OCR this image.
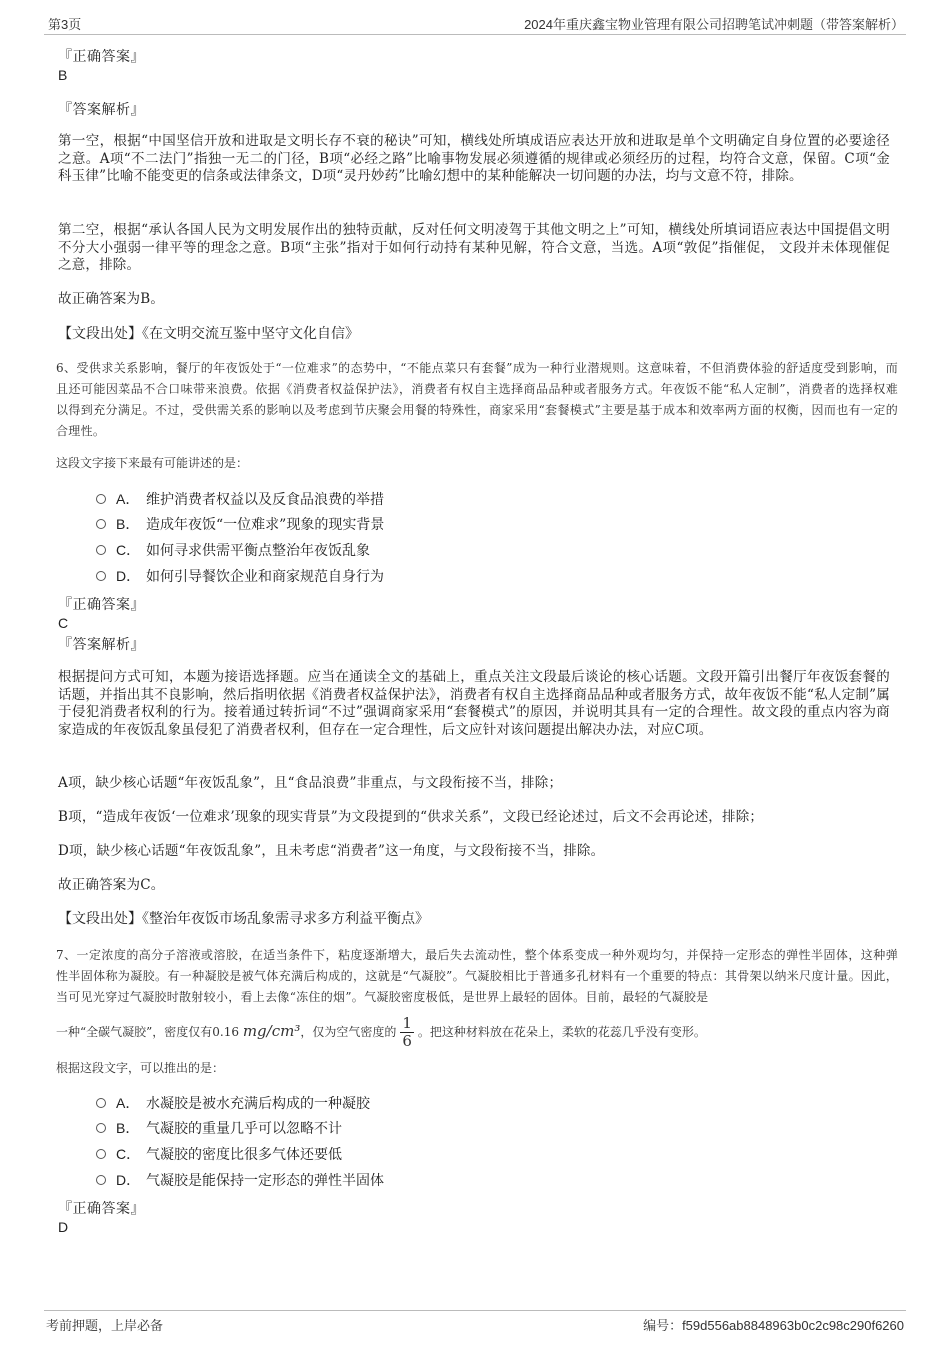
第3页	2024年重庆鑫宝物业管理有限公司招聘笔试冲刺题（带答案解析）
『正确答案』
B
『答案解析』
第一空，根据“中国坚信开放和进取是文明长存不衰的秘诀”可知，横线处所填成语应表达开放和进取是单个文明确定自身位置的必要途径之意。A项“不二法门”指独一无二的门径，B项“必经之路”比喻事物发展必须遵循的规律或必须经历的过程，均符合文意，保留。C项“金科玉律”比喻不能变更的信条或法律条文，D项“灵丹妙药”比喻幻想中的某种能解决一切问题的办法，均与文意不符，排除。
第二空，根据“承认各国人民为文明发展作出的独特贡献，反对任何文明凌驾于其他文明之上”可知，横线处所填词语应表达中国提倡文明不分大小强弱一律平等的理念之意。B项“主张”指对于如何行动持有某种见解，符合文意，当选。A项“敦促”指催促， 文段并未体现催促之意，排除。
故正确答案为B。
【文段出处】《在文明交流互鉴中坚守文化自信》
6、受供求关系影响，餐厅的年夜饭处于“一位难求”的态势中，“不能点菜只有套餐”成为一种行业潜规则。这意味着，不但消费体验的舒适度受到影响，而且还可能因菜品不合口味带来浪费。依据《消费者权益保护法》，消费者有权自主选择商品品种或者服务方式。年夜饭不能“私人定制”，消费者的选择权难以得到充分满足。不过，受供需关系的影响以及考虑到节庆聚会用餐的特殊性，商家采用“套餐模式”主要是基于成本和效率两方面的权衡，因而也有一定的合理性。
这段文字接下来最有可能讲述的是：
A． 维护消费者权益以及反食品浪费的举措
B． 造成年夜饭“一位难求”现象的现实背景
C． 如何寻求供需平衡点整治年夜饭乱象
D． 如何引导餐饮企业和商家规范自身行为
『正确答案』
C
『答案解析』
根据提问方式可知，本题为接语选择题。应当在通读全文的基础上，重点关注文段最后谈论的核心话题。文段开篇引出餐厅年夜饭套餐的话题，并指出其不良影响，然后指明依据《消费者权益保护法》，消费者有权自主选择商品品种或者服务方式，故年夜饭不能“私人定制”属于侵犯消费者权利的行为。接着通过转折词“不过”强调商家采用“套餐模式”的原因，并说明其具有一定的合理性。故文段的重点内容为商家造成的年夜饭乱象虽侵犯了消费者权利，但存在一定合理性，后文应针对该问题提出解决办法，对应C项。
A项，缺少核心话题“年夜饭乱象”，且“食品浪费”非重点，与文段衔接不当，排除；
B项，“造成年夜饭‘一位难求’现象的现实背景”为文段提到的“供求关系”，文段已经论述过，后文不会再论述，排除；
D项，缺少核心话题“年夜饭乱象”，且未考虑“消费者”这一角度，与文段衔接不当，排除。
故正确答案为C。
【文段出处】《整治年夜饭市场乱象需寻求多方利益平衡点》
7、一定浓度的高分子溶液或溶胶，在适当条件下，粘度逐渐增大，最后失去流动性，整个体系变成一种外观均匀，并保持一定形态的弹性半固体，这种弹性半固体称为凝胶。有一种凝胶是被气体充满后构成的，这就是“气凝胶”。气凝胶相比于普通多孔材料有一个重要的特点：其骨架以纳米尺度计量。因此，当可见光穿过气凝胶时散射较小，看上去像“冻住的烟”。气凝胶密度极低，是世界上最轻的固体。目前，最轻的气凝胶是
一种“全碳气凝胶”，密度仅有0.16 mg/cm³，仅为空气密度的 $\frac{1}{6}$ 。把这种材料放在花朵上，柔软的花蕊几乎没有变形。
根据这段文字，可以推出的是：
A． 水凝胶是被水充满后构成的一种凝胶
B． 气凝胶的重量几乎可以忽略不计
C． 气凝胶的密度比很多气体还要低
D． 气凝胶是能保持一定形态的弹性半固体
『正确答案』
D
考前押题，上岸必备	编号：f59d556ab8848963b0c2c98c290f6260
